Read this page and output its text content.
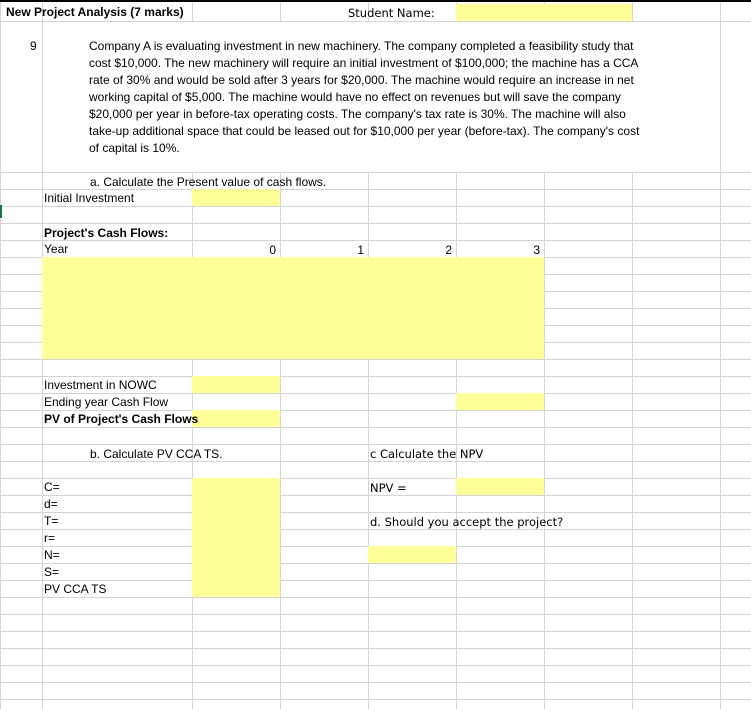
New Project Analysis (7 marks)	Student Name:
9	Company A is evaluating investment in new machinery. The company completed a feasibility study that cost $10,000. The new machinery will require an initial investment of $100,000; the machine has a CCA rate of 30% and would be sold after 3 years for $20,000. The machine would require an increase in net working capital of $5,000. The machine would have no effect on revenues but will save the company $20,000 per year in before-tax operating costs. The company's tax rate is 30%. The machine will also take-up additional space that could be leased out for $10,000 per year (before-tax). The company's cost of capital is 10%.
a. Calculate the Present value of cash flows.
Initial Investment
Project's Cash Flows:
Year	0	1	2	3
Investment in NOWC
Ending year Cash Flow
PV of Project's Cash Flows
b. Calculate PV CCA TS.
C=
d=
T=
r=
N=
S=
PV CCA TS
c Calculate the NPV
NPV =
d. Should you accept the project?
